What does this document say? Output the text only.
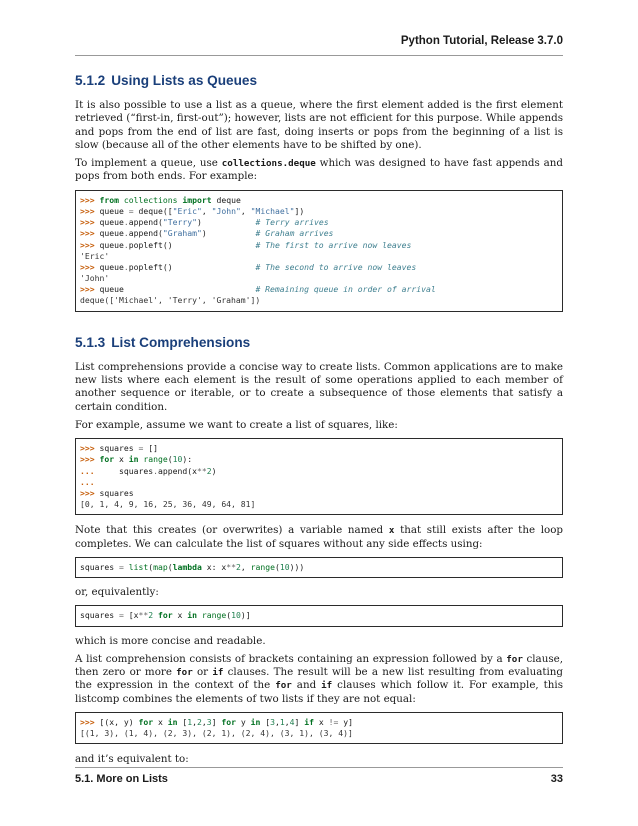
Python Tutorial, Release 3.7.0
5.1.2 Using Lists as Queues

It is also possible to use a list as a queue, where the first element added is the first element retrieved (“first-in, first-out”); however, lists are not efficient for this purpose. While appends and pops from the end of list are fast, doing inserts or pops from the beginning of a list is slow (because all of the other elements have to be shifted by one).

To implement a queue, use collections.deque which was designed to have fast appends and pops from both ends. For example:

>>> from collections import deque
>>> queue = deque(["Eric", "John", "Michael"])
>>> queue.append("Terry")           # Terry arrives
>>> queue.append("Graham")          # Graham arrives
>>> queue.popleft()                 # The first to arrive now leaves
'Eric'
>>> queue.popleft()                 # The second to arrive now leaves
'John'
>>> queue                           # Remaining queue in order of arrival
deque(['Michael', 'Terry', 'Graham'])
5.1.3 List Comprehensions

List comprehensions provide a concise way to create lists. Common applications are to make new lists where each element is the result of some operations applied to each member of another sequence or iterable, or to create a subsequence of those elements that satisfy a certain condition.

For example, assume we want to create a list of squares, like:

>>> squares = []
>>> for x in range(10):
...     squares.append(x**2)
...
>>> squares
[0, 1, 4, 9, 16, 25, 36, 49, 64, 81]

Note that this creates (or overwrites) a variable named x that still exists after the loop completes. We can calculate the list of squares without any side effects using:

squares = list(map(lambda x: x**2, range(10)))

or, equivalently:

squares = [x**2 for x in range(10)]

which is more concise and readable.

A list comprehension consists of brackets containing an expression followed by a for clause, then zero or more for or if clauses. The result will be a new list resulting from evaluating the expression in the context of the for and if clauses which follow it. For example, this listcomp combines the elements of two lists if they are not equal:

>>> [(x, y) for x in [1,2,3] for y in [3,1,4] if x != y]
[(1, 3), (1, 4), (2, 3), (2, 1), (2, 4), (3, 1), (3, 4)]

and it’s equivalent to:

5.1. More on Lists	33
